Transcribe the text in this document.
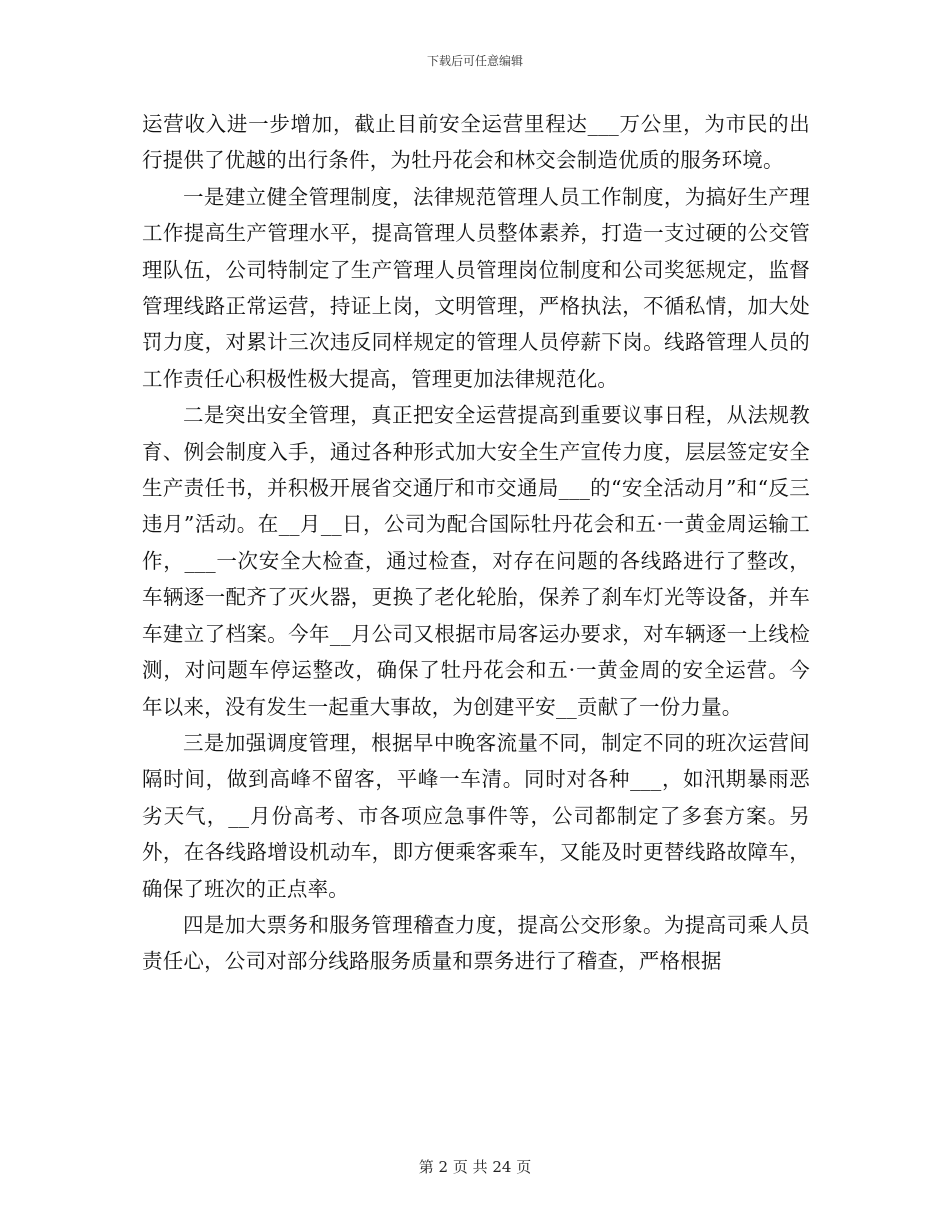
下载后可任意编辑

运营收入进一步增加，截止目前安全运营里程达___万公里，为市民的出行提供了优越的出行条件，为牡丹花会和林交会制造优质的服务环境。

一是建立健全管理制度，法律规范管理人员工作制度，为搞好生产理工作提高生产管理水平，提高管理人员整体素养，打造一支过硬的公交管理队伍，公司特制定了生产管理人员管理岗位制度和公司奖惩规定，监督管理线路正常运营，持证上岗，文明管理，严格执法，不循私情，加大处罚力度，对累计三次违反同样规定的管理人员停薪下岗。线路管理人员的工作责任心积极性极大提高，管理更加法律规范化。

二是突出安全管理，真正把安全运营提高到重要议事日程，从法规教育、例会制度入手，通过各种形式加大安全生产宣传力度，层层签定安全生产责任书，并积极开展省交通厅和市交通局___的“安全活动月”和“反三违月”活动。在__月__日，公司为配合国际牡丹花会和五·一黄金周运输工作，___一次安全大检查，通过检查，对存在问题的各线路进行了整改，车辆逐一配齐了灭火器，更换了老化轮胎，保养了刹车灯光等设备，并车车建立了档案。今年__月公司又根据市局客运办要求，对车辆逐一上线检测，对问题车停运整改，确保了牡丹花会和五·一黄金周的安全运营。今年以来，没有发生一起重大事故，为创建平安__贡献了一份力量。

三是加强调度管理，根据早中晚客流量不同，制定不同的班次运营间隔时间，做到高峰不留客，平峰一车清。同时对各种___，如汛期暴雨恶劣天气，__月份高考、市各项应急事件等，公司都制定了多套方案。另外，在各线路增设机动车，即方便乘客乘车，又能及时更替线路故障车，确保了班次的正点率。

四是加大票务和服务管理稽查力度，提高公交形象。为提高司乘人员责任心，公司对部分线路服务质量和票务进行了稽查，严格根据

第 2 页 共 24 页
